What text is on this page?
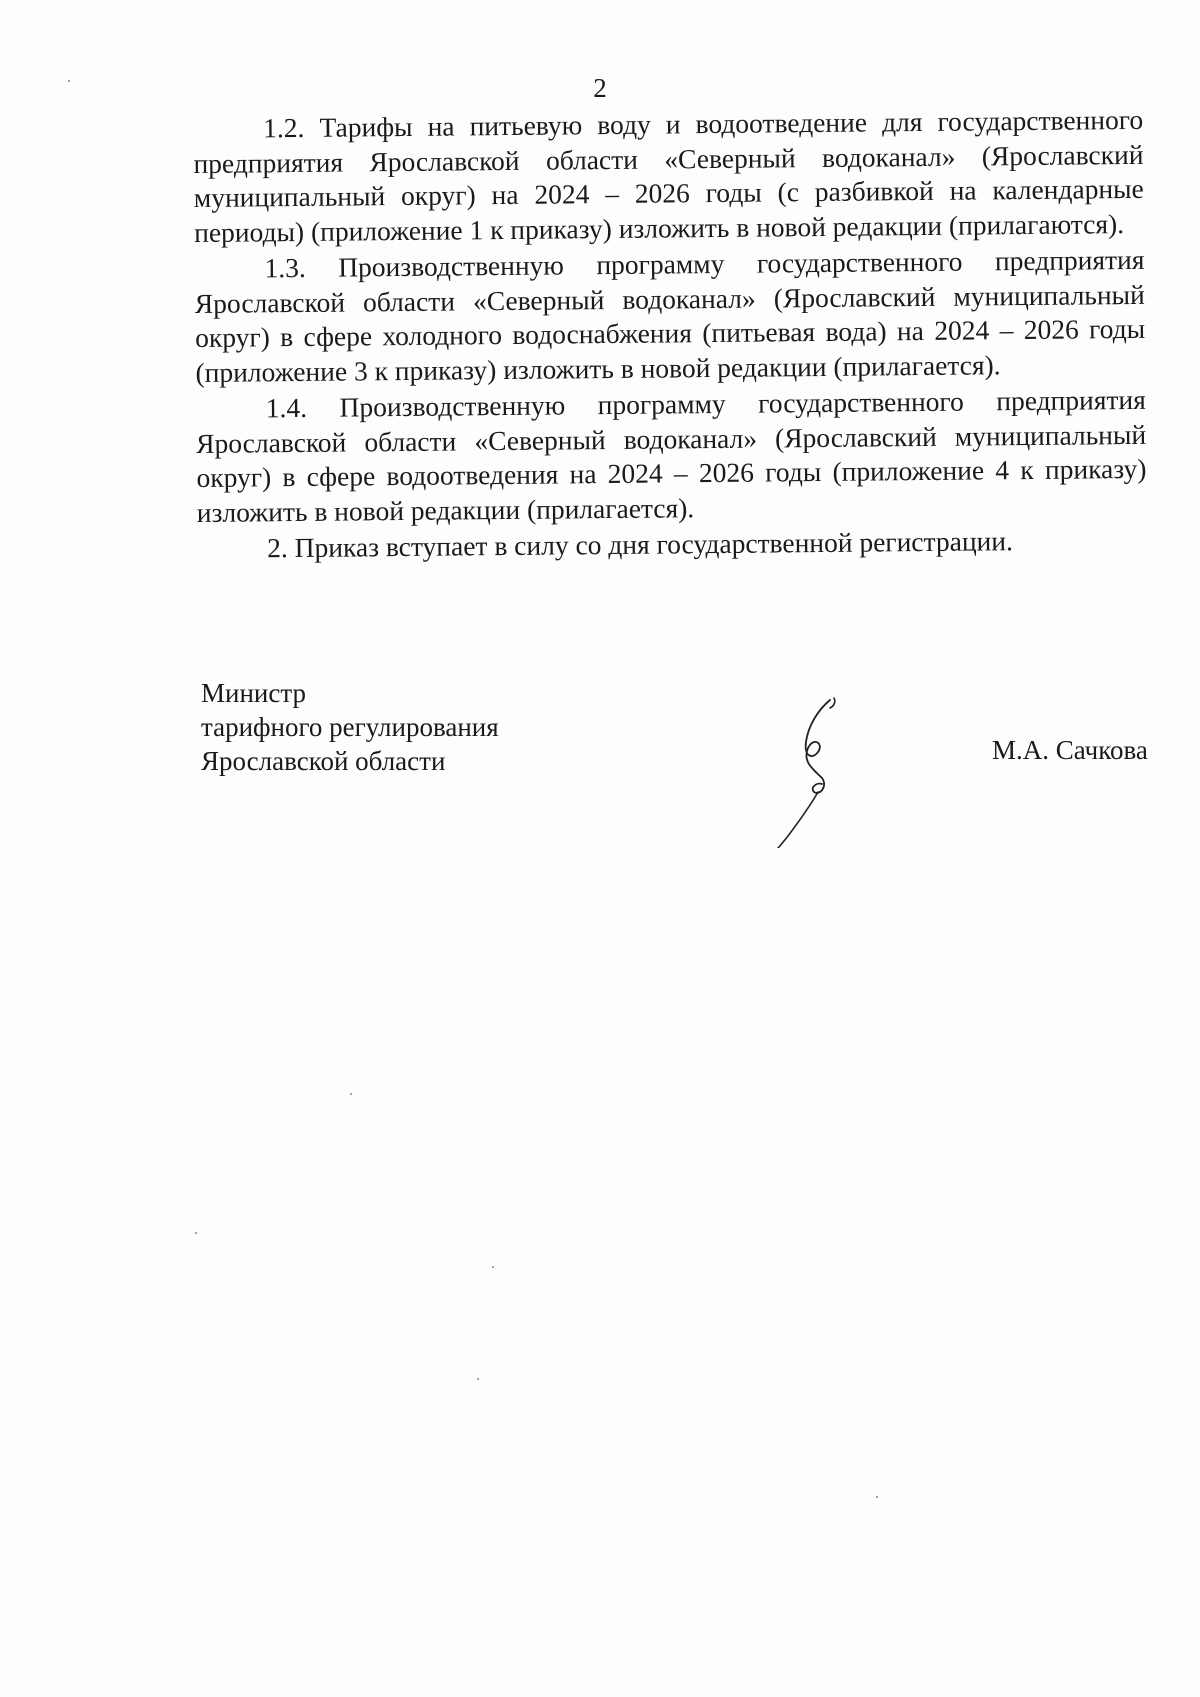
2

1.2. Тарифы на питьевую воду и водоотведение для государственного предприятия Ярославской области «Северный водоканал» (Ярославский муниципальный округ) на 2024 – 2026 годы (с разбивкой на календарные периоды) (приложение 1 к приказу) изложить в новой редакции (прилагаются).

1.3. Производственную программу государственного предприятия Ярославской области «Северный водоканал» (Ярославский муниципальный округ) в сфере холодного водоснабжения (питьевая вода) на 2024 – 2026 годы (приложение 3 к приказу) изложить в новой редакции (прилагается).

1.4. Производственную программу государственного предприятия Ярославской области «Северный водоканал» (Ярославский муниципальный округ) в сфере водоотведения на 2024 – 2026 годы (приложение 4 к приказу) изложить в новой редакции (прилагается).

2. Приказ вступает в силу со дня государственной регистрации.

Министр
тарифного регулирования
Ярославской области	М.А. Сачкова
